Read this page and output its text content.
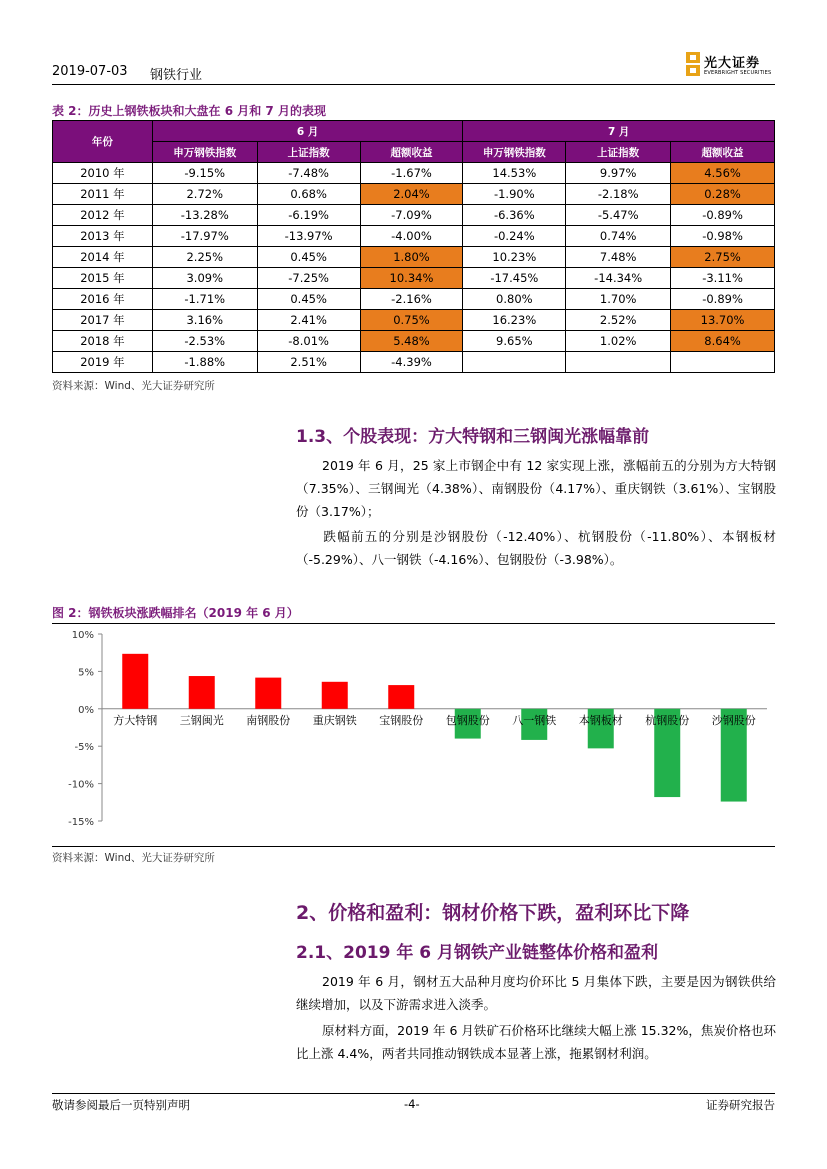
2019-07-03 钢铁行业
光大证券
EVERBRIGHT SECURITIES
表 2：历史上钢铁板块和大盘在 6 月和 7 月的表现
年份	6 月			7 月		
	申万钢铁指数	上证指数	超额收益	申万钢铁指数	上证指数	超额收益
2010 年	-9.15%	-7.48%	-1.67%	14.53%	9.97%	4.56%
2011 年	2.72%	0.68%	2.04%	-1.90%	-2.18%	0.28%
2012 年	-13.28%	-6.19%	-7.09%	-6.36%	-5.47%	-0.89%
2013 年	-17.97%	-13.97%	-4.00%	-0.24%	0.74%	-0.98%
2014 年	2.25%	0.45%	1.80%	10.23%	7.48%	2.75%
2015 年	3.09%	-7.25%	10.34%	-17.45%	-14.34%	-3.11%
2016 年	-1.71%	0.45%	-2.16%	0.80%	1.70%	-0.89%
2017 年	3.16%	2.41%	0.75%	16.23%	2.52%	13.70%
2018 年	-2.53%	-8.01%	5.48%	9.65%	1.02%	8.64%
2019 年	-1.88%	2.51%	-4.39%			
资料来源：Wind、光大证券研究所
1.3、个股表现：方大特钢和三钢闽光涨幅靠前
2019 年 6 月，25 家上市钢企中有 12 家实现上涨，涨幅前五的分别为方大特钢（7.35%）、三钢闽光（4.38%）、南钢股份（4.17%）、重庆钢铁（3.61%）、宝钢股份（3.17%）；
跌幅前五的分别是沙钢股份（-12.40%）、杭钢股份（-11.80%）、本钢板材（-5.29%）、八一钢铁（-4.16%）、包钢股份（-3.98%）。
图 2：钢铁板块涨跌幅排名（2019 年 6 月）
10%
5%
0%
-5%
-10%
-15%
方大特钢 三钢闽光 南钢股份 重庆钢铁 宝钢股份 包钢股份 八一钢铁 本钢板材 杭钢股份 沙钢股份
资料来源：Wind、光大证券研究所
2、价格和盈利：钢材价格下跌，盈利环比下降
2.1、2019 年 6 月钢铁产业链整体价格和盈利
2019 年 6 月，钢材五大品种月度均价环比 5 月集体下跌，主要是因为钢铁供给继续增加，以及下游需求进入淡季。
原材料方面，2019 年 6 月铁矿石价格环比继续大幅上涨 15.32%，焦炭价格也环比上涨 4.4%，两者共同推动钢铁成本显著上涨，拖累钢材利润。
敬请参阅最后一页特别声明	-4-	证券研究报告
